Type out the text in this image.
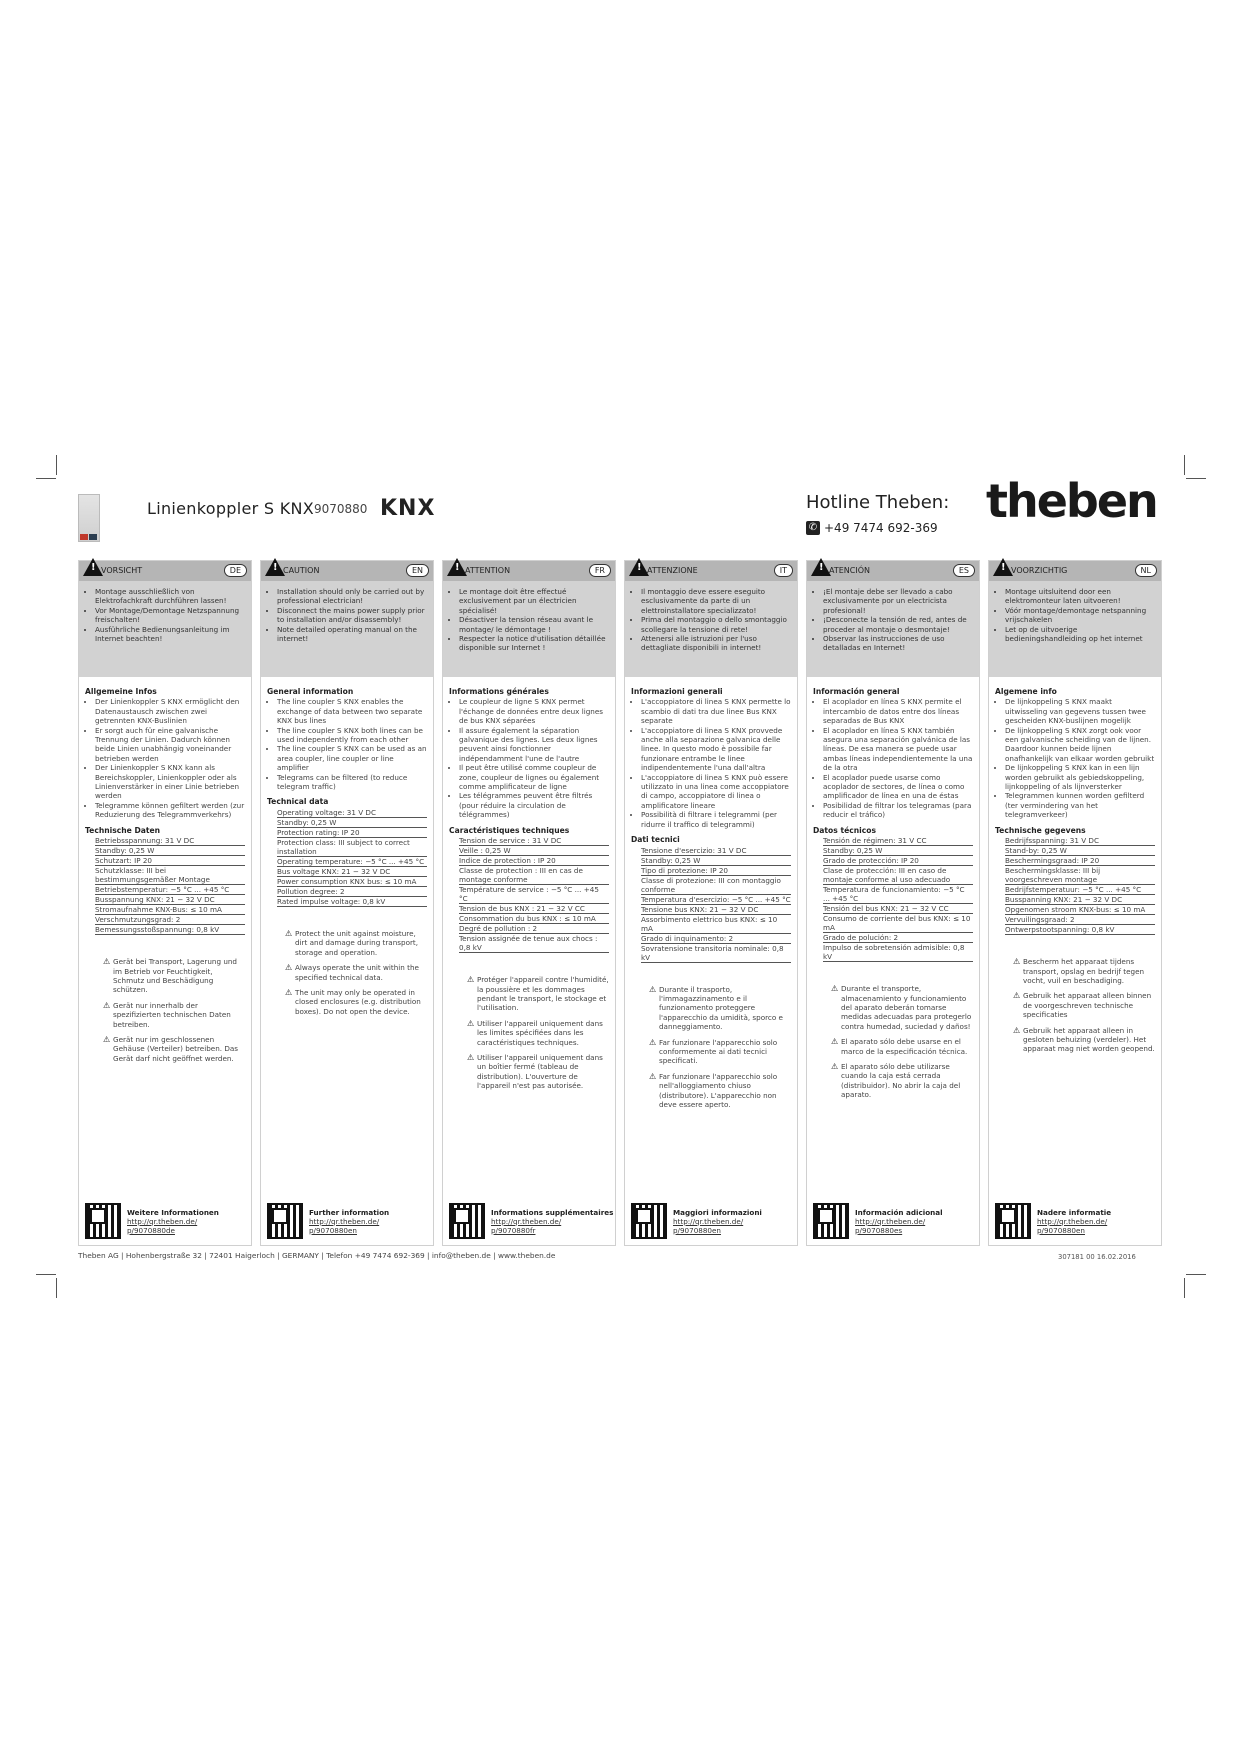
Linienkoppler S KNX 9070880 KNX	Hotline Theben:
✆ +49 7474 692-369 theben
!
VORSICHT	DE
• Montage ausschließlich von Elektrofachkraft durchführen lassen!
• Vor Montage/Demontage Netzspannung freischalten!
• Ausführliche Bedienungsanleitung im Internet beachten!
Allgemeine Infos
• Der Linienkoppler S KNX ermöglicht den Datenaustausch zwischen zwei getrennten KNX-Buslinien
• Er sorgt auch für eine galvanische Trennung der Linien. Dadurch können beide Linien unabhängig voneinander betrieben werden
• Der Linienkoppler S KNX kann als Bereichskoppler, Linienkoppler oder als Linienverstärker in einer Linie betrieben werden
• Telegramme können gefiltert werden (zur Reduzierung des Telegrammverkehrs)
Technische Daten
Betriebsspannung: 31 V DC
Standby: 0,25 W
Schutzart: IP 20
Schutzklasse: III bei bestimmungsgemäßer Montage
Betriebstemperatur: −5 °C ... +45 °C
Busspannung KNX: 21 − 32 V DC
Stromaufnahme KNX-Bus: ≤ 10 mA
Verschmutzungsgrad: 2
Bemessungsstoßspannung: 0,8 kV

⚠ Gerät bei Transport, Lagerung und im Betrieb vor Feuchtigkeit, Schmutz und Beschädigung schützen.

⚠ Gerät nur innerhalb der spezifizierten technischen Daten betreiben.

⚠ Gerät nur im geschlossenen Gehäuse (Verteiler) betreiben. Das Gerät darf nicht geöffnet werden.

Weitere Informationen
http://qr.theben.de/
p/9070880de
!
CAUTION	EN
• Installation should only be carried out by professional electrician!
• Disconnect the mains power supply prior to installation and/or disassembly!
• Note detailed operating manual on the internet!
General information
• The line coupler S KNX enables the exchange of data between two separate KNX bus lines
• The line coupler S KNX both lines can be used independently from each other
• The line coupler S KNX can be used as an area coupler, line coupler or line amplifier
• Telegrams can be filtered (to reduce telegram traffic)
Technical data
Operating voltage: 31 V DC
Standby: 0,25 W
Protection rating: IP 20
Protection class: III subject to correct installation
Operating temperature: −5 °C ... +45 °C
Bus voltage KNX: 21 − 32 V DC
Power consumption KNX bus: ≤ 10 mA
Pollution degree: 2
Rated impulse voltage: 0,8 kV

⚠ Protect the unit against moisture, dirt and damage during transport, storage and operation.

⚠ Always operate the unit within the specified technical data.

⚠ The unit may only be operated in closed enclosures (e.g. distribution boxes). Do not open the device.

Further information
http://qr.theben.de/
p/9070880en
!
ATTENTION	FR
• Le montage doit être effectué exclusivement par un électricien spécialisé!
• Désactiver la tension réseau avant le montage/ le démontage !
• Respecter la notice d'utilisation détaillée disponible sur Internet !
Informations générales
• Le coupleur de ligne S KNX permet l'échange de données entre deux lignes de bus KNX séparées
• Il assure également la séparation galvanique des lignes. Les deux lignes peuvent ainsi fonctionner indépendamment l'une de l'autre
• Il peut être utilisé comme coupleur de zone, coupleur de lignes ou également comme amplificateur de ligne
• Les télégrammes peuvent être filtrés (pour réduire la circulation de télégrammes)
Caractéristiques techniques
Tension de service : 31 V DC
Veille : 0,25 W
Indice de protection : IP 20
Classe de protection : III en cas de montage conforme
Température de service : −5 °C ... +45 °C
Tension de bus KNX : 21 − 32 V CC
Consommation du bus KNX : ≤ 10 mA
Degré de pollution : 2
Tension assignée de tenue aux chocs : 0,8 kV

⚠ Protéger l'appareil contre l'humidité, la poussière et les dommages pendant le transport, le stockage et l'utilisation.

⚠ Utiliser l'appareil uniquement dans les limites spécifiées dans les caractéristiques techniques.

⚠ Utiliser l'appareil uniquement dans un boîtier fermé (tableau de distribution). L'ouverture de l'appareil n'est pas autorisée.

Informations supplémentaires
http://qr.theben.de/
p/9070880fr
!
ATTENZIONE	IT
• Il montaggio deve essere eseguito esclusivamente da parte di un elettroinstallatore specializzato!
• Prima del montaggio o dello smontaggio scollegare la tensione di rete!
• Attenersi alle istruzioni per l'uso dettagliate disponibili in internet!
Informazioni generali
• L'accoppiatore di linea S KNX permette lo scambio di dati tra due linee Bus KNX separate
• L'accoppiatore di linea S KNX provvede anche alla separazione galvanica delle linee. In questo modo è possibile far funzionare entrambe le linee indipendentemente l'una dall'altra
• L'accoppiatore di linea S KNX può essere utilizzato in una linea come accoppiatore di campo, accoppiatore di linea o amplificatore lineare
• Possibilità di filtrare i telegrammi (per ridurre il traffico di telegrammi)
Dati tecnici
Tensione d'esercizio: 31 V DC
Standby: 0,25 W
Tipo di protezione: IP 20
Classe di protezione: III con montaggio conforme
Temperatura d'esercizio: −5 °C ... +45 °C
Tensione bus KNX: 21 − 32 V DC
Assorbimento elettrico bus KNX: ≤ 10 mA
Grado di inquinamento: 2
Sovratensione transitoria nominale: 0,8 kV

⚠ Durante il trasporto, l'immagazzinamento e il funzionamento proteggere l'apparecchio da umidità, sporco e danneggiamento.

⚠ Far funzionare l'apparecchio solo conformemente ai dati tecnici specificati.

⚠ Far funzionare l'apparecchio solo nell'alloggiamento chiuso (distributore). L'apparecchio non deve essere aperto.

Maggiori informazioni
http://qr.theben.de/
p/9070880en
!
ATENCIÓN	ES
• ¡El montaje debe ser llevado a cabo exclusivamente por un electricista profesional!
• ¡Desconecte la tensión de red, antes de proceder al montaje o desmontaje!
• Observar las instrucciones de uso detalladas en Internet!
Información general
• El acoplador en línea S KNX permite el intercambio de datos entre dos líneas separadas de Bus KNX
• El acoplador en línea S KNX también asegura una separación galvánica de las líneas. De esa manera se puede usar ambas líneas independientemente la una de la otra
• El acoplador puede usarse como acoplador de sectores, de línea o como amplificador de línea en una de éstas
• Posibilidad de filtrar los telegramas (para reducir el tráfico)
Datos técnicos
Tensión de régimen: 31 V CC
Standby: 0,25 W
Grado de protección: IP 20
Clase de protección: III en caso de montaje conforme al uso adecuado
Temperatura de funcionamiento: −5 °C ... +45 °C
Tensión del bus KNX: 21 − 32 V CC
Consumo de corriente del bus KNX: ≤ 10 mA
Grado de polución: 2
Impulso de sobretensión admisible: 0,8 kV

⚠ Durante el transporte, almacenamiento y funcionamiento del aparato deberán tomarse medidas adecuadas para protegerlo contra humedad, suciedad y daños!

⚠ El aparato sólo debe usarse en el marco de la especificación técnica.

⚠ El aparato sólo debe utilizarse cuando la caja está cerrada (distribuidor). No abrir la caja del aparato.

Información adicional
http://qr.theben.de/
p/9070880es
!
VOORZICHTIG	NL
• Montage uitsluitend door een elektromonteur laten uitvoeren!
• Vóór montage/demontage netspanning vrijschakelen
• Let op de uitvoerige bedieningshandleiding op het internet
Algemene info
• De lijnkoppeling S KNX maakt uitwisseling van gegevens tussen twee gescheiden KNX-buslijnen mogelijk
• De lijnkoppeling S KNX zorgt ook voor een galvanische scheiding van de lijnen. Daardoor kunnen beide lijnen onafhankelijk van elkaar worden gebruikt
• De lijnkoppeling S KNX kan in een lijn worden gebruikt als gebiedskoppeling, lijnkoppeling of als lijnversterker
• Telegrammen kunnen worden gefilterd (ter vermindering van het telegramverkeer)
Technische gegevens
Bedrijfsspanning: 31 V DC
Stand-by: 0,25 W
Beschermingsgraad: IP 20
Beschermingsklasse: III bij voorgeschreven montage
Bedrijfstemperatuur: −5 °C ... +45 °C
Busspanning KNX: 21 − 32 V DC
Opgenomen stroom KNX-bus: ≤ 10 mA
Vervuilingsgraad: 2
Ontwerpstootspanning: 0,8 kV

⚠ Bescherm het apparaat tijdens transport, opslag en bedrijf tegen vocht, vuil en beschadiging.

⚠ Gebruik het apparaat alleen binnen de voorgeschreven technische specificaties

⚠ Gebruik het apparaat alleen in gesloten behuizing (verdeler). Het apparaat mag niet worden geopend.

Nadere informatie
http://qr.theben.de/
p/9070880en
Theben AG | Hohenbergstraße 32 | 72401 Haigerloch | GERMANY | Telefon +49 7474 692-369 | info@theben.de | www.theben.de	307181 00 16.02.2016
